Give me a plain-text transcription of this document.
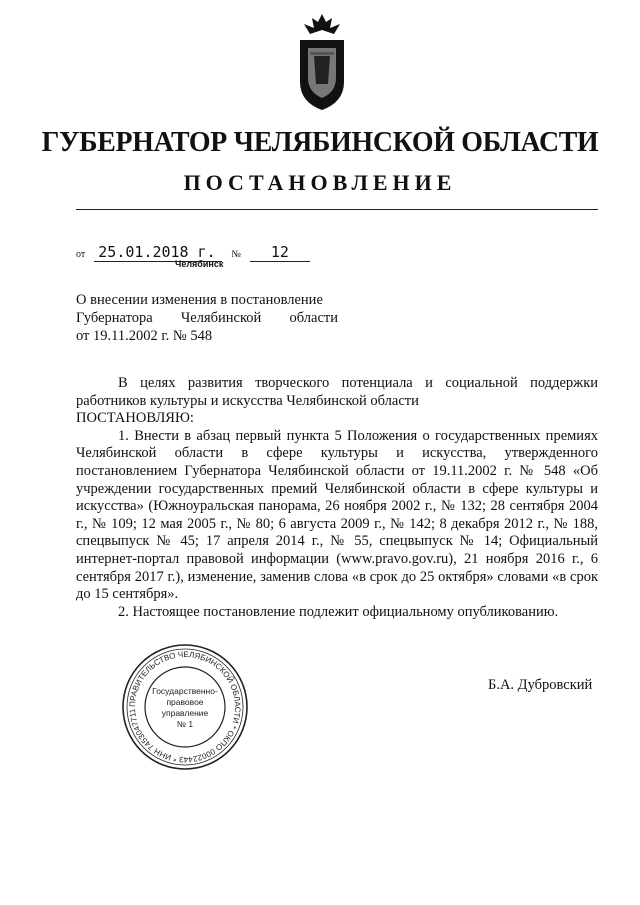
ГУБЕРНАТОР ЧЕЛЯБИНСКОЙ ОБЛАСТИ
ПОСТАНОВЛЕНИЕ
от 25.01.2018 г. № 12
Челябинск
О внесении изменения в постановление
Губернатора Челябинской области
от 19.11.2002 г. № 548

В целях развития творческого потенциала и социальной поддержки работников культуры и искусства Челябинской области

ПОСТАНОВЛЯЮ:

1. Внести в абзац первый пункта 5 Положения о государственных премиях Челябинской области в сфере культуры и искусства, утвержденного постановлением Губернатора Челябинской области от 19.11.2002 г. № 548 «Об учреждении государственных премий Челябинской области в сфере культуры и искусства» (Южноуральская панорама, 26 ноября 2002 г., № 132; 28 сентября 2004 г., № 109; 12 мая 2005 г., № 80; 6 августа 2009 г., № 142; 8 декабря 2012 г., № 188, спецвыпуск № 45; 17 апреля 2014 г., № 55, спецвыпуск № 14; Официальный интернет-портал правовой информации (www.pravo.gov.ru), 21 ноября 2016 г., 6 сентября 2017 г.), изменение, заменив слова «в срок до 25 октября» словами «в срок до 15 сентября».

2. Настоящее постановление подлежит официальному опубликованию.

ПРАВИТЕЛЬСТВО ЧЕЛЯБИНСКОЙ ОБЛАСТИ * ОКПО 00022443 * ИНН 7453047711
Государственно-
правовое
управление
№ 1
Б.А. Дубровский
